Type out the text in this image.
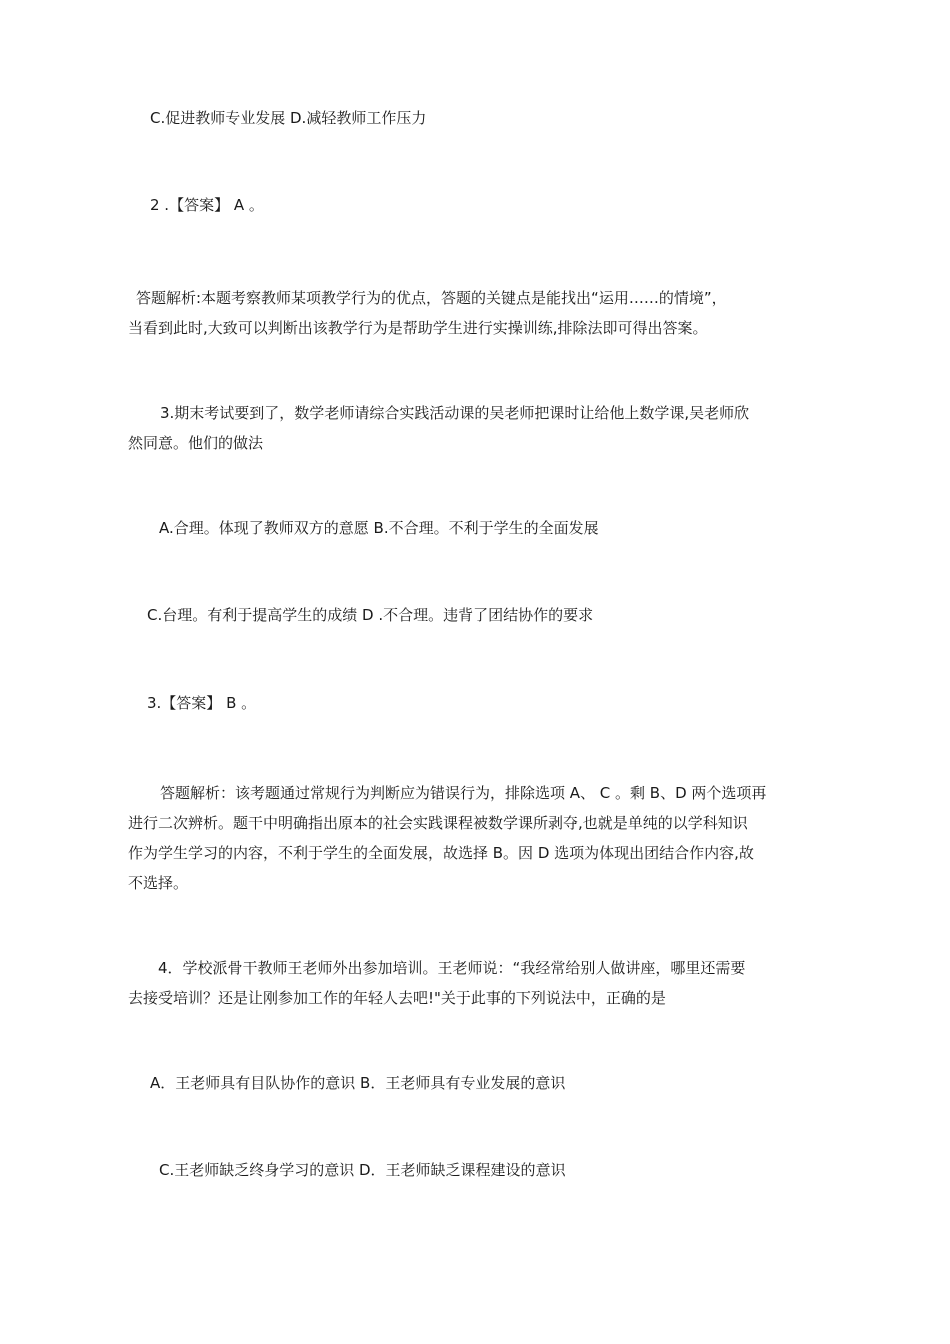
C.促进教师专业发展 D.减轻教师工作压力
2 .【答案】 A 。
答题解析:本题考察教师某项教学行为的优点，答题的关键点是能找出“运用……的情境”，
当看到此时,大致可以判断出该教学行为是帮助学生进行实操训练,排除法即可得出答案。
3.期末考试要到了，数学老师请综合实践活动课的吴老师把课时让给他上数学课,吴老师欣
然同意。他们的做法
A.合理。体现了教师双方的意愿 B.不合理。不利于学生的全面发展
C.台理。有利于提高学生的成绩 D .不合理。违背了团结协作的要求
3.【答案】 B 。
答题解析：该考题通过常规行为判断应为错误行为，排除选项 A、 C 。剩 B、D 两个选项再
进行二次辨析。题干中明确指出原本的社会实践课程被数学课所剥夺,也就是单纯的以学科知识
作为学生学习的内容，不利于学生的全面发展，故选择 B。因 D 选项为体现出团结合作内容,故
不选择。
4．学校派骨干教师王老师外出参加培训。王老师说：“我经常给别人做讲座，哪里还需要
去接受培训？还是让刚参加工作的年轻人去吧!"关于此事的下列说法中，正确的是
A．王老师具有目队协作的意识 B．王老师具有专业发展的意识
C.王老师缺乏终身学习的意识 D．王老师缺乏课程建设的意识
